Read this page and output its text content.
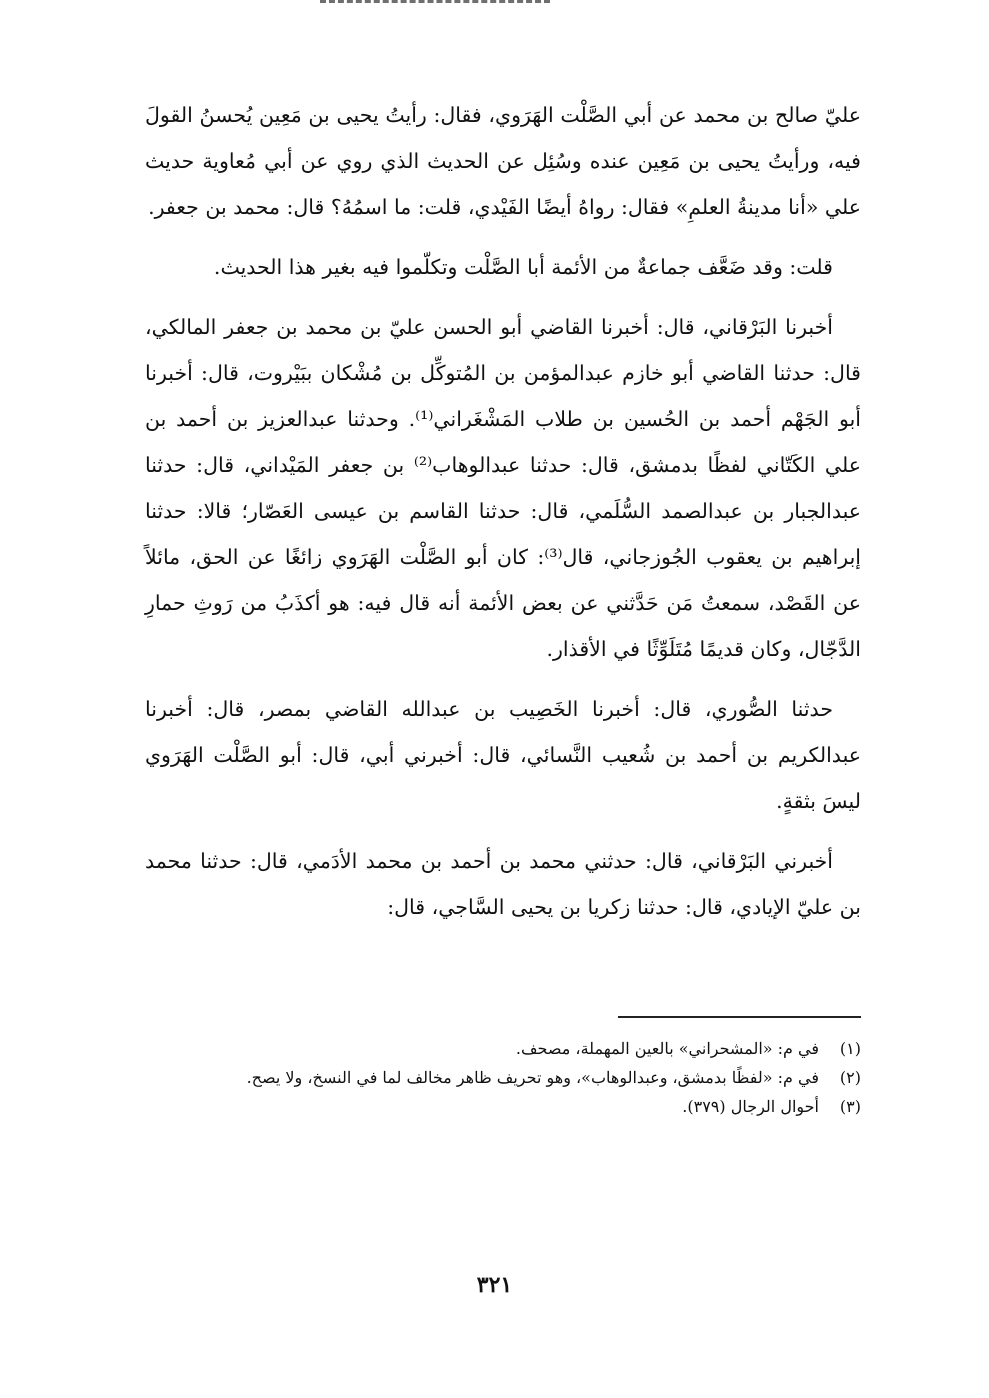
عليّ صالح بن محمد عن أبي الصَّلْت الهَرَوي، فقال: رأيتُ يحيى بن مَعِين يُحسنُ القولَ فيه، ورأيتُ يحيى بن مَعِين عنده وسُئِل عن الحديث الذي روي عن أبي مُعاوية حديث علي «أنا مدينةُ العلمِ» فقال: رواهُ أيضًا الفَيْدي، قلت: ما اسمُهُ؟ قال: محمد بن جعفر.

قلت: وقد ضَعَّف جماعةٌ من الأئمة أبا الصَّلْت وتكلّموا فيه بغير هذا الحديث.

أخبرنا البَرْقاني، قال: أخبرنا القاضي أبو الحسن عليّ بن محمد بن جعفر المالكي، قال: حدثنا القاضي أبو خازم عبدالمؤمن بن المُتوكِّل بن مُشْكان ببَيْروت، قال: أخبرنا أبو الجَهْم أحمد بن الحُسين بن طلاب المَشْغَراني⁽¹⁾. وحدثنا عبدالعزيز بن أحمد بن علي الكَتّاني لفظًا بدمشق، قال: حدثنا عبدالوهاب⁽²⁾ بن جعفر المَيْداني، قال: حدثنا عبدالجبار بن عبدالصمد السُّلَمي، قال: حدثنا القاسم بن عيسى العَصّار؛ قالا: حدثنا إبراهيم بن يعقوب الجُوزجاني، قال⁽³⁾: كان أبو الصَّلْت الهَرَوي زائغًا عن الحق، مائلاً عن القَصْد، سمعتُ مَن حَدَّثني عن بعض الأئمة أنه قال فيه: هو أكذَبُ من رَوثِ حمارِ الدَّجّال، وكان قديمًا مُتَلَوِّثًا في الأقذار.

حدثنا الصُّوري، قال: أخبرنا الخَصِيب بن عبدالله القاضي بمصر، قال: أخبرنا عبدالكريم بن أحمد بن شُعيب النَّسائي، قال: أخبرني أبي، قال: أبو الصَّلْت الهَرَوي ليسَ بثقةٍ.

أخبرني البَرْقاني، قال: حدثني محمد بن أحمد بن محمد الأدَمي، قال: حدثنا محمد بن عليّ الإيادي، قال: حدثنا زكريا بن يحيى السَّاجي، قال:

(١)
في م: «المشحراني» بالعين المهملة، مصحف.
(٢)
في م: «لفظًا بدمشق، وعبدالوهاب»، وهو تحريف ظاهر مخالف لما في النسخ، ولا يصح.
(٣)
أحوال الرجال (٣٧٩).
٣٢١
